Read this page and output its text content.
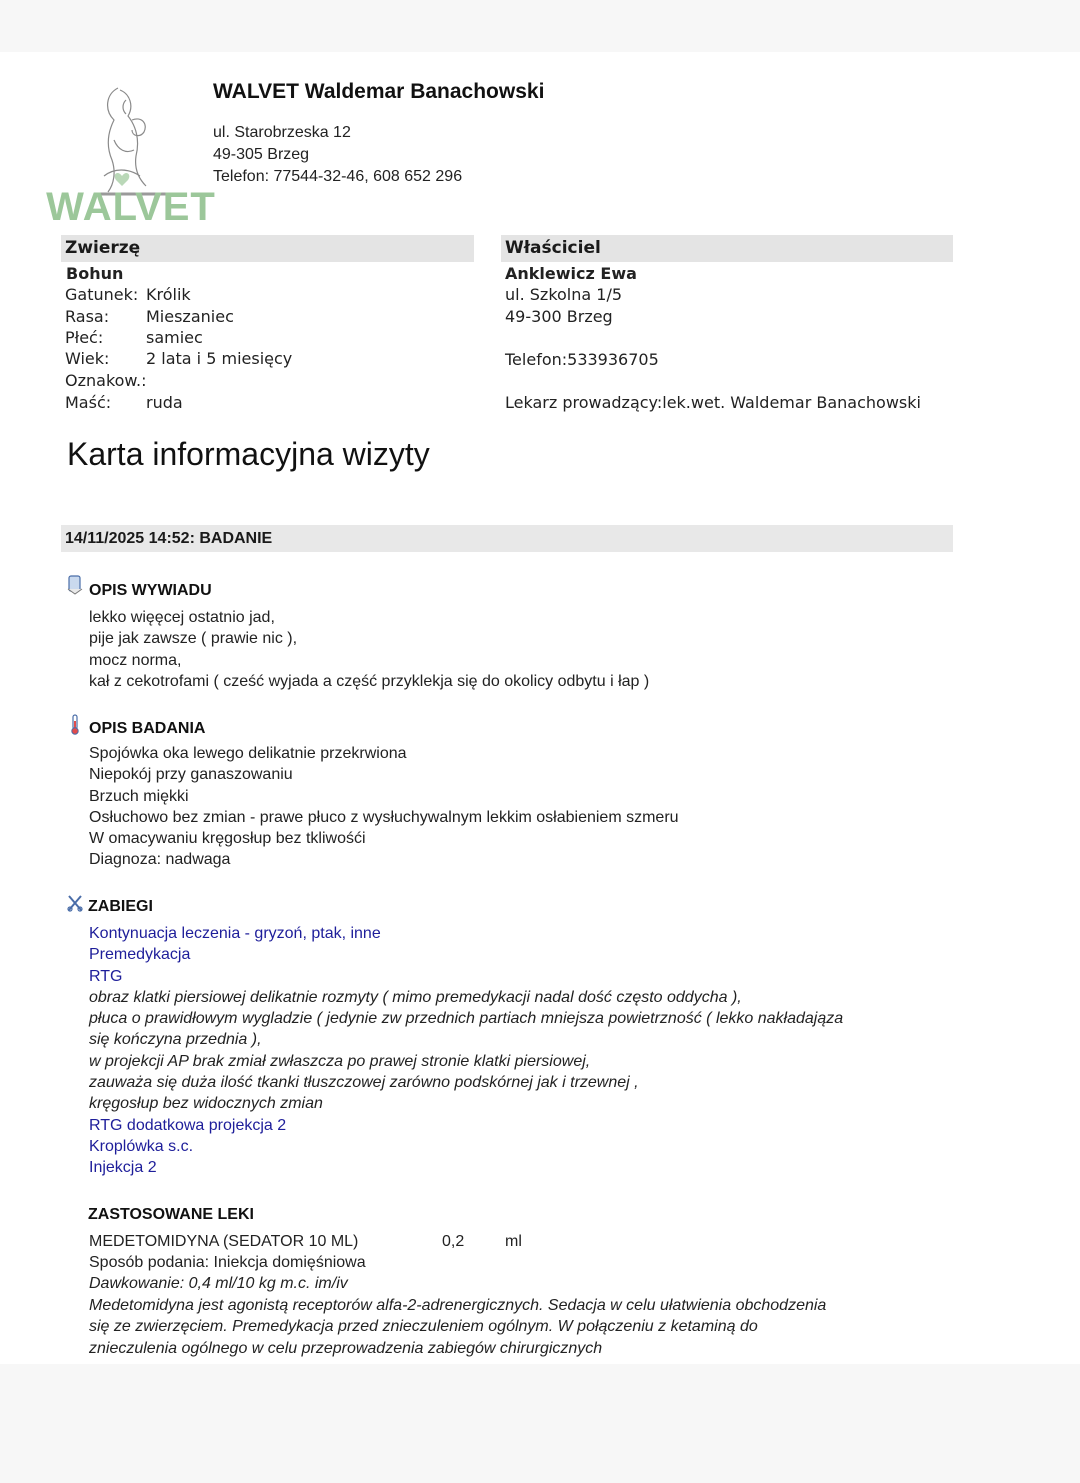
WALVET
WALVET Waldemar Banachowski
ul. Starobrzeska 12
49-305 Brzeg
Telefon: 77544-32-46, 608 652 296
Zwierzę
Bohun
Gatunek: Królik
Rasa: Mieszaniec
Płeć:	samiec
Wiek: 2 lata i 5 miesięcy
Oznakow.:
Maść: ruda
Właściciel
Anklewicz Ewa
ul. Szkolna 1/5
49-300 Brzeg
Telefon:533936705
Lekarz prowadzący:lek.wet. Waldemar Banachowski
Karta informacyjna wizyty
14/11/2025 14:52: BADANIE
OPIS WYWIADU
lekko więęcej ostatnio jad,
pije jak zawsze ( prawie nic ),
mocz norma,
kał z cekotrofami ( cześć wyjada a część przyklekja się do okolicy odbytu i łap )
OPIS BADANIA
Spojówka oka lewego delikatnie przekrwiona
Niepokój przy ganaszowaniu
Brzuch miękki
Osłuchowo bez zmian - prawe płuco z wysłuchywalnym lekkim osłabieniem szmeru
W omacywaniu kręgosłup bez tkliwośći
Diagnoza: nadwaga
ZABIEGI
Kontynuacja leczenia - gryzoń, ptak, inne
Premedykacja
RTG
obraz klatki piersiowej delikatnie rozmyty ( mimo premedykacji nadal dość często oddycha ),
płuca o prawidłowym wygladzie ( jedynie zw przednich partiach mniejsza powietrzność ( lekko nakładająza
się kończyna przednia ),
w projekcji AP brak zmiał zwłaszcza po prawej stronie klatki piersiowej,
zauważa się duża ilość tkanki tłuszczowej zarówno podskórnej jak i trzewnej ,
kręgosłup bez widocznych zmian
RTG dodatkowa projekcja 2
Kroplówka s.c.
Injekcja 2
ZASTOSOWANE LEKI
MEDETOMIDYNA (SEDATOR 10 ML)	0,2	ml
Sposób podania: Iniekcja domięśniowa
Dawkowanie: 0,4 ml/10 kg m.c. im/iv
Medetomidyna jest agonistą receptorów alfa-2-adrenergicznych. Sedacja w celu ułatwienia obchodzenia
się ze zwierzęciem. Premedykacja przed znieczuleniem ogólnym. W połączeniu z ketaminą do
znieczulenia ogólnego w celu przeprowadzenia zabiegów chirurgicznych
